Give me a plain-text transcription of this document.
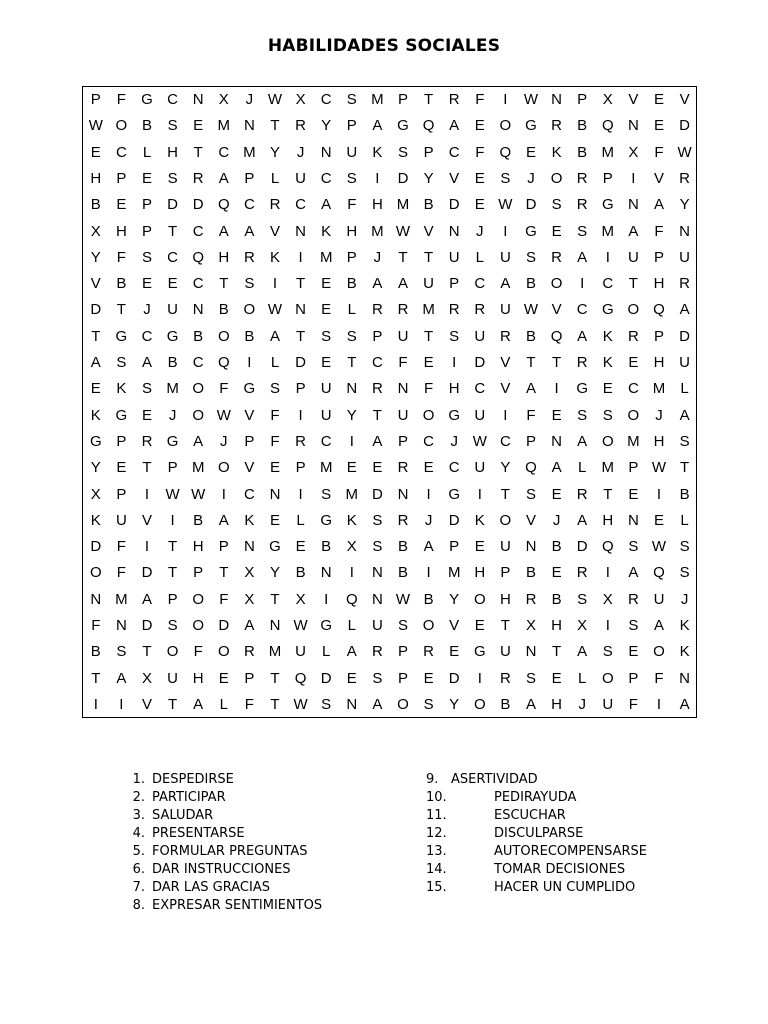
HABILIDADES SOCIALES
P	F	G C N	X	J W X	C	S M P	T	R	F	I	W N	P	X	V	E	V
W O B	S	E M N	T	R	Y	P	A G Q A	E O G R	B Q N	E	D
E	C	L	H	T	C M Y	J	N U	K	S	P	C	F	Q E	K	B M X	F W
H	P	E	S	R	A	P	L	U C	S	I	D	Y	V	E	S	J	O R	P	I	V	R
B	E	P	D D Q C R C	A	F	H M B	D	E W D	S	R G N	A	Y
X	H	P	T	C	A	A	V	N	K	H M W V	N	J	I	G E	S M A	F	N
Y	F	S	C Q H R	K	I	M P	J	T	T	U	L	U	S	R	A	I	U	P	U
V	B	E	E	C	T	S	I	T	E	B	A	A	U	P	C	A	B O	I	C	T	H R
D	T	J	U N	B O W N	E	L	R R M R R U W V	C G O Q A
T	G C G B O B	A	T	S	S	P	U	T	S	U R	B Q A	K	R	P	D
A	S	A	B	C Q	I	L	D	E	T	C	F	E	I	D	V	T	T	R	K	E	H U
E	K	S M O	F	G S	P	U N R N	F	H C	V	A	I	G E	C M	L
K G E	J	O W V	F	I	U	Y	T	U O G U	I	F	E	S	S O	J	A
G P	R G A	J	P	F	R C	I	A	P	C	J W C	P	N	A O M H	S
Y	E	T	P M O V	E	P M E	E	R	E	C U	Y Q A	L	M P W T
X	P	I	W W	I	C N	I	S M D N	I	G	I	T	S	E	R	T	E	I	B
K	U	V	I	B	A	K	E	L	G K	S	R	J	D	K O V	J	A	H N	E	L
D	F	I	T	H	P	N G E	B	X	S	B	A	P	E	U N	B	D Q S W S
O	F	D	T	P	T	X	Y	B	N	I	N	B	I	M H	P	B	E	R	I	A Q S
N M A	P O	F	X	T	X	I	Q N W B	Y O H R	B	S	X	R U	J
F	N D	S O D	A	N W G	L	U	S O V	E	T	X	H	X	I	S	A	K
B	S	T	O	F	O R M U	L	A	R	P	R	E G U N	T	A	S	E O K
T	A	X	U H	E	P	T	Q D	E	S	P	E	D	I	R	S	E	L	O P	F	N
I	I	V	T	A	L	F	T W S	N	A O S	Y O B	A	H	J	U	F	I	A
1. DESPEDIRSE
2. PARTICIPAR
3. SALUDAR
4. PRESENTARSE
5. FORMULAR PREGUNTAS
6. DAR INSTRUCCIONES
7. DAR LAS GRACIAS
8. EXPRESAR SENTIMIENTOS
9. ASERTIVIDAD
10.	PEDIRAYUDA
11.	ESCUCHAR
12.	DISCULPARSE
13.	AUTORECOMPENSARSE
14.	TOMAR DECISIONES
15.	HACER UN CUMPLIDO
